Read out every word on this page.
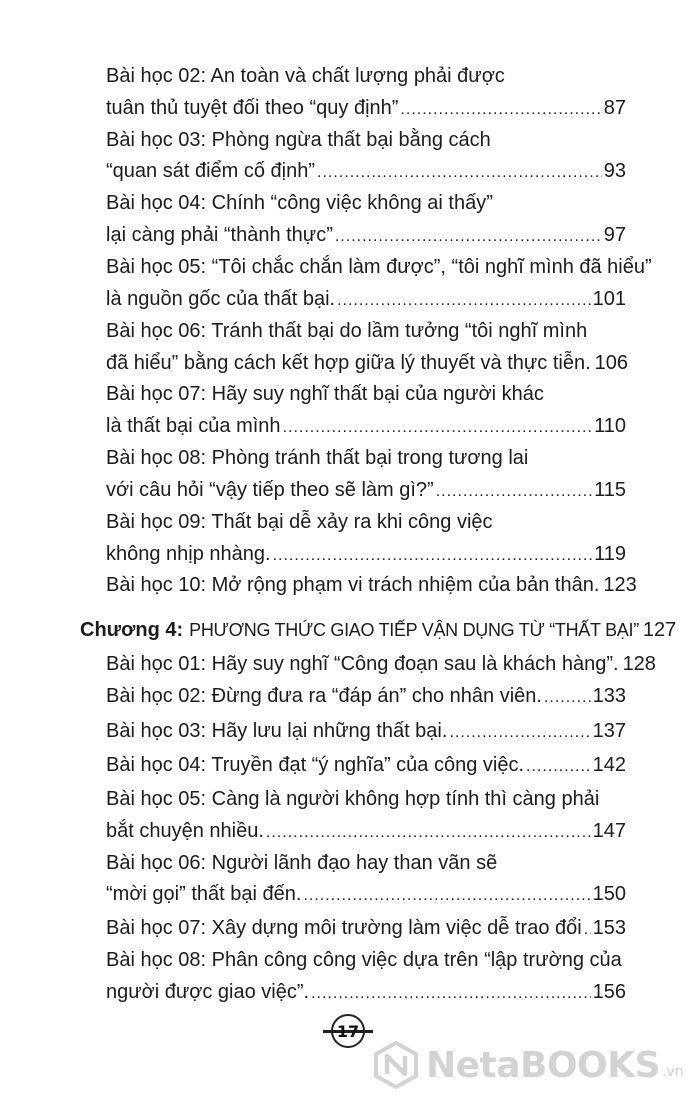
Bài học 02: An toàn và chất lượng phải được
tuân thủ tuyệt đối theo “quy định” .....	87
Bài học 03: Phòng ngừa thất bại bằng cách
“quan sát điểm cố định” .....	93
Bài học 04: Chính “công việc không ai thấy”
lại càng phải “thành thực” .....	97
Bài học 05: “Tôi chắc chắn làm được”, “tôi nghĩ mình đã hiểu”
là nguồn gốc của thất bại. .....	101
Bài học 06: Tránh thất bại do lầm tưởng “tôi nghĩ mình
đã hiểu” bằng cách kết hợp giữa lý thuyết và thực tiễn. 106
Bài học 07: Hãy suy nghĩ thất bại của người khác
là thất bại của mình .....	110
Bài học 08: Phòng tránh thất bại trong tương lai
với câu hỏi “vậy tiếp theo sẽ làm gì?” .....	115
Bài học 09: Thất bại dễ xảy ra khi công việc
không nhịp nhàng. .....	119
Bài học 10: Mở rộng phạm vi trách nhiệm của bản thân. 123
Chương 4: PHƯƠNG THỨC GIAO TIẾP VẬN DỤNG TỪ “THẤT BẠI” 127
Bài học 01: Hãy suy nghĩ “Công đoạn sau là khách hàng”. 128
Bài học 02: Đừng đưa ra “đáp án” cho nhân viên. .....	133
Bài học 03: Hãy lưu lại những thất bại. .....	137
Bài học 04: Truyền đạt “ý nghĩa” của công việc. .....	142
Bài học 05: Càng là người không hợp tính thì càng phải
bắt chuyện nhiều. .....	147
Bài học 06: Người lãnh đạo hay than vãn sẽ
“mời gọi” thất bại đến. .....	150
Bài học 07: Xây dựng môi trường làm việc dễ trao đổi ..... 153
Bài học 08: Phân công công việc dựa trên “lập trường của
người được giao việc”. .....	156
17
NetaBOOKS .vn
